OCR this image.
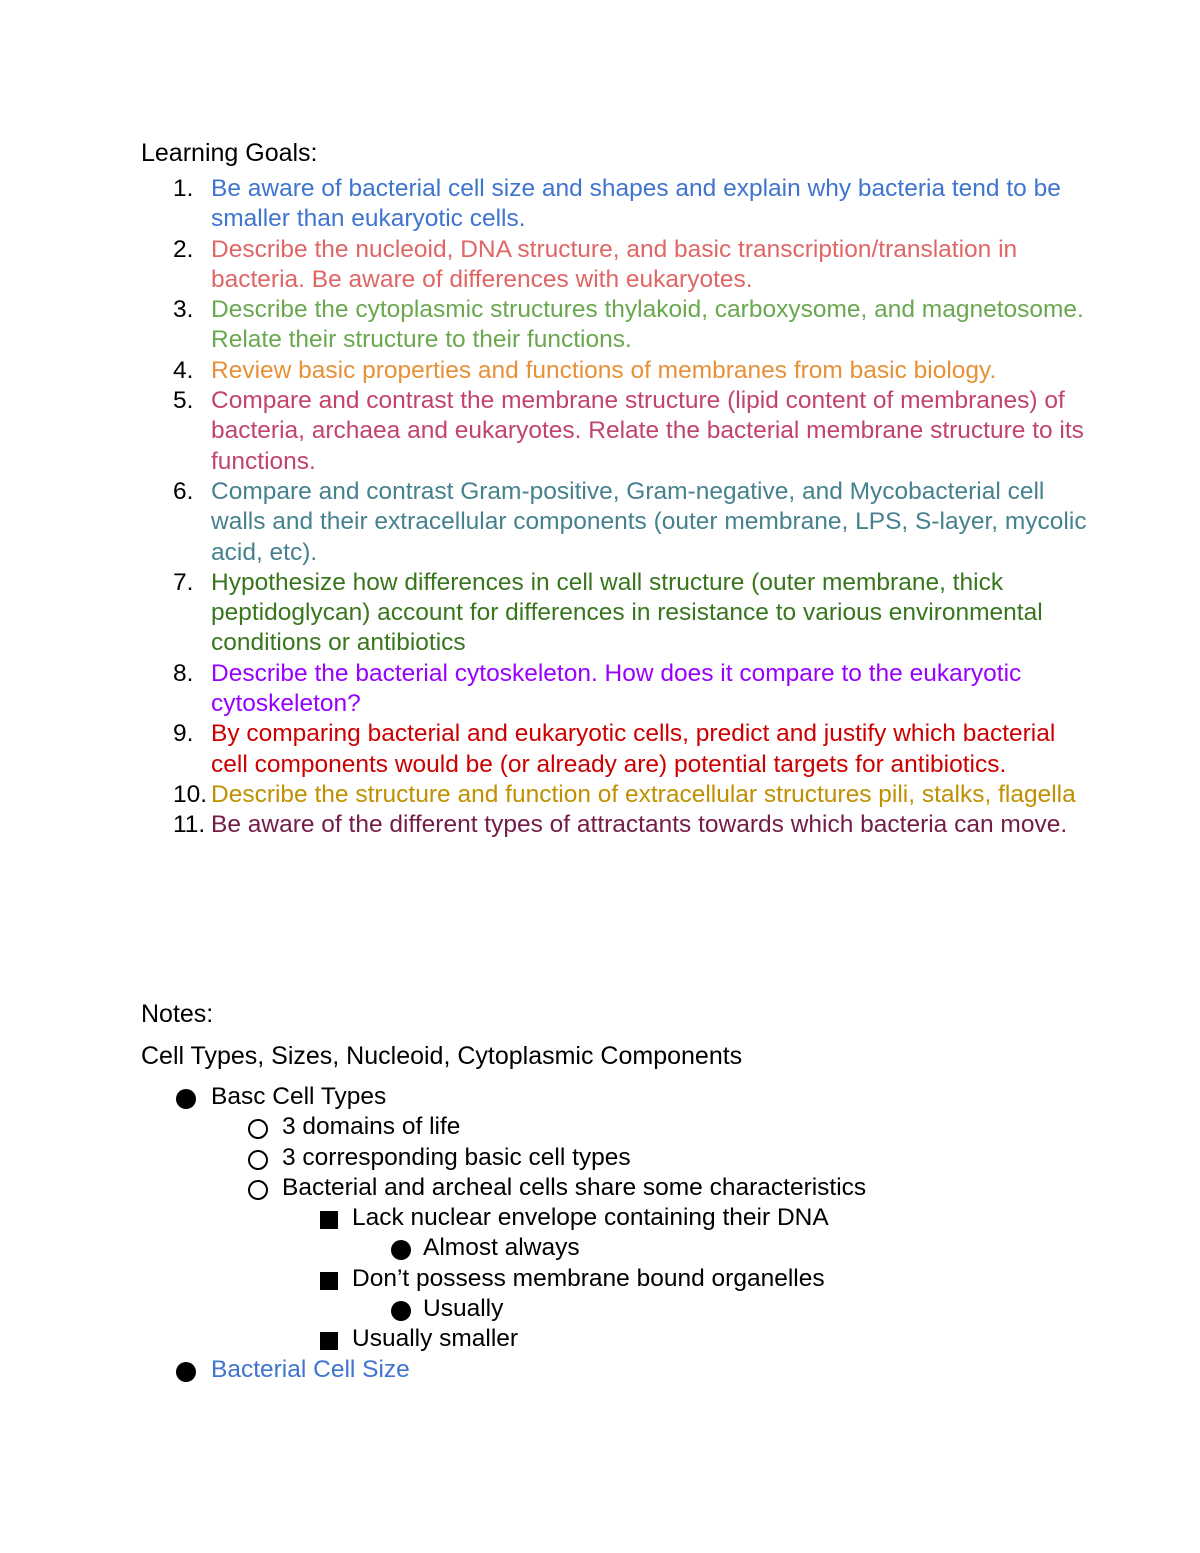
Learning Goals:
1. Be aware of bacterial cell size and shapes and explain why bacteria tend to be smaller than eukaryotic cells.
2. Describe the nucleoid, DNA structure, and basic transcription/translation in bacteria. Be aware of differences with eukaryotes.
3. Describe the cytoplasmic structures thylakoid, carboxysome, and magnetosome. Relate their structure to their functions.
4. Review basic properties and functions of membranes from basic biology.
5. Compare and contrast the membrane structure (lipid content of membranes) of bacteria, archaea and eukaryotes. Relate the bacterial membrane structure to its functions.
6. Compare and contrast Gram-positive, Gram-negative, and Mycobacterial cell walls and their extracellular components (outer membrane, LPS, S-layer, mycolic acid, etc).
7. Hypothesize how differences in cell wall structure (outer membrane, thick peptidoglycan) account for differences in resistance to various environmental conditions or antibiotics
8. Describe the bacterial cytoskeleton. How does it compare to the eukaryotic cytoskeleton?
9. By comparing bacterial and eukaryotic cells, predict and justify which bacterial cell components would be (or already are) potential targets for antibiotics.
10. Describe the structure and function of extracellular structures pili, stalks, flagella
11. Be aware of the different types of attractants towards which bacteria can move.
Notes:
Cell Types, Sizes, Nucleoid, Cytoplasmic Components
Basc Cell Types
3 domains of life
3 corresponding basic cell types
Bacterial and archeal cells share some characteristics
Lack nuclear envelope containing their DNA
Almost always
Don’t possess membrane bound organelles
Usually
Usually smaller
Bacterial Cell Size
